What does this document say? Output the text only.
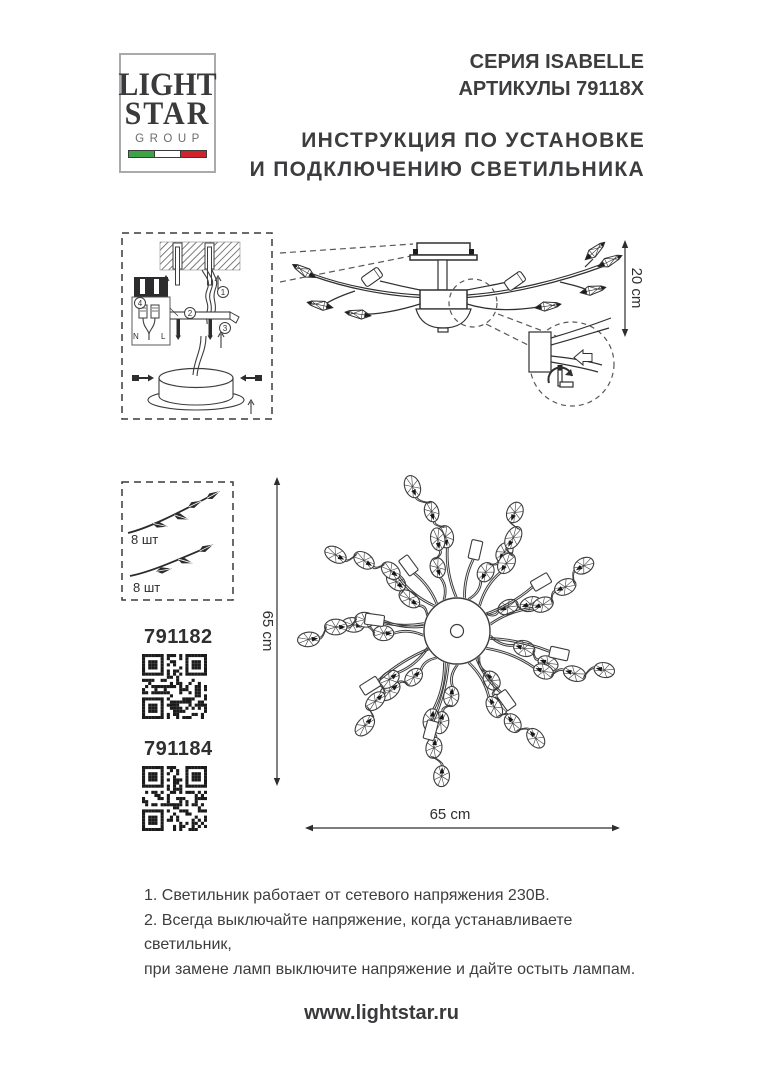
LIGHT
STAR
GROUP
СЕРИЯ ISABELLE
АРТИКУЛЫ 79118X
ИНСТРУКЦИЯ ПО УСТАНОВКЕ
И ПОДКЛЮЧЕНИЮ СВЕТИЛЬНИКА
N	L
1
2
3
4	20 cm
8 шт
8 шт
791182
791184
65 cm
65 cm
1. Светильник работает от сетевого напряжения 230В.
2. Всегда выключайте напряжение, когда устанавливаете светильник,
при замене ламп выключите напряжение и дайте остыть лампам.
www.lightstar.ru
